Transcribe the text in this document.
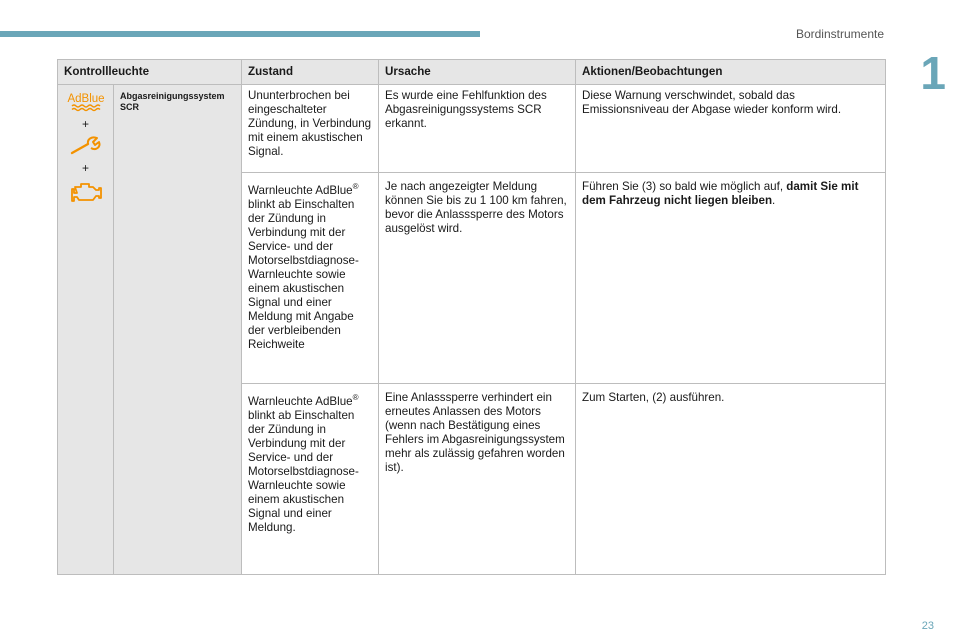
Bordinstrumente
1
Kontrollleuchte		Zustand	Ursache	Aktionen/Beobachtungen

AdBlue
+
+	Abgasreinigungssystem SCR	Ununterbrochen bei eingeschalteter Zündung, in Verbindung mit einem akustischen Signal.	Es wurde eine Fehlfunktion des Abgasreinigungssystems SCR erkannt.	Diese Warnung verschwindet, sobald das Emissionsniveau der Abgase wieder konform wird.
		Warnleuchte AdBlue® blinkt ab Einschalten der Zündung in Verbindung mit der Service- und der Motorselbstdiagnose-Warnleuchte sowie einem akustischen Signal und einer Meldung mit Angabe der verbleibenden Reichweite	Je nach angezeigter Meldung können Sie bis zu 1 100 km fahren, bevor die Anlasssperre des Motors ausgelöst wird.	Führen Sie (3) so bald wie möglich auf, damit Sie mit dem Fahrzeug nicht liegen bleiben.
		Warnleuchte AdBlue® blinkt ab Einschalten der Zündung in Verbindung mit der Service- und der Motorselbstdiagnose-Warnleuchte sowie einem akustischen Signal und einer Meldung.	Eine Anlasssperre verhindert ein erneutes Anlassen des Motors (wenn nach Bestätigung eines Fehlers im Abgasreinigungssystem mehr als zulässig gefahren worden ist).	Zum Starten, (2) ausführen.
23
